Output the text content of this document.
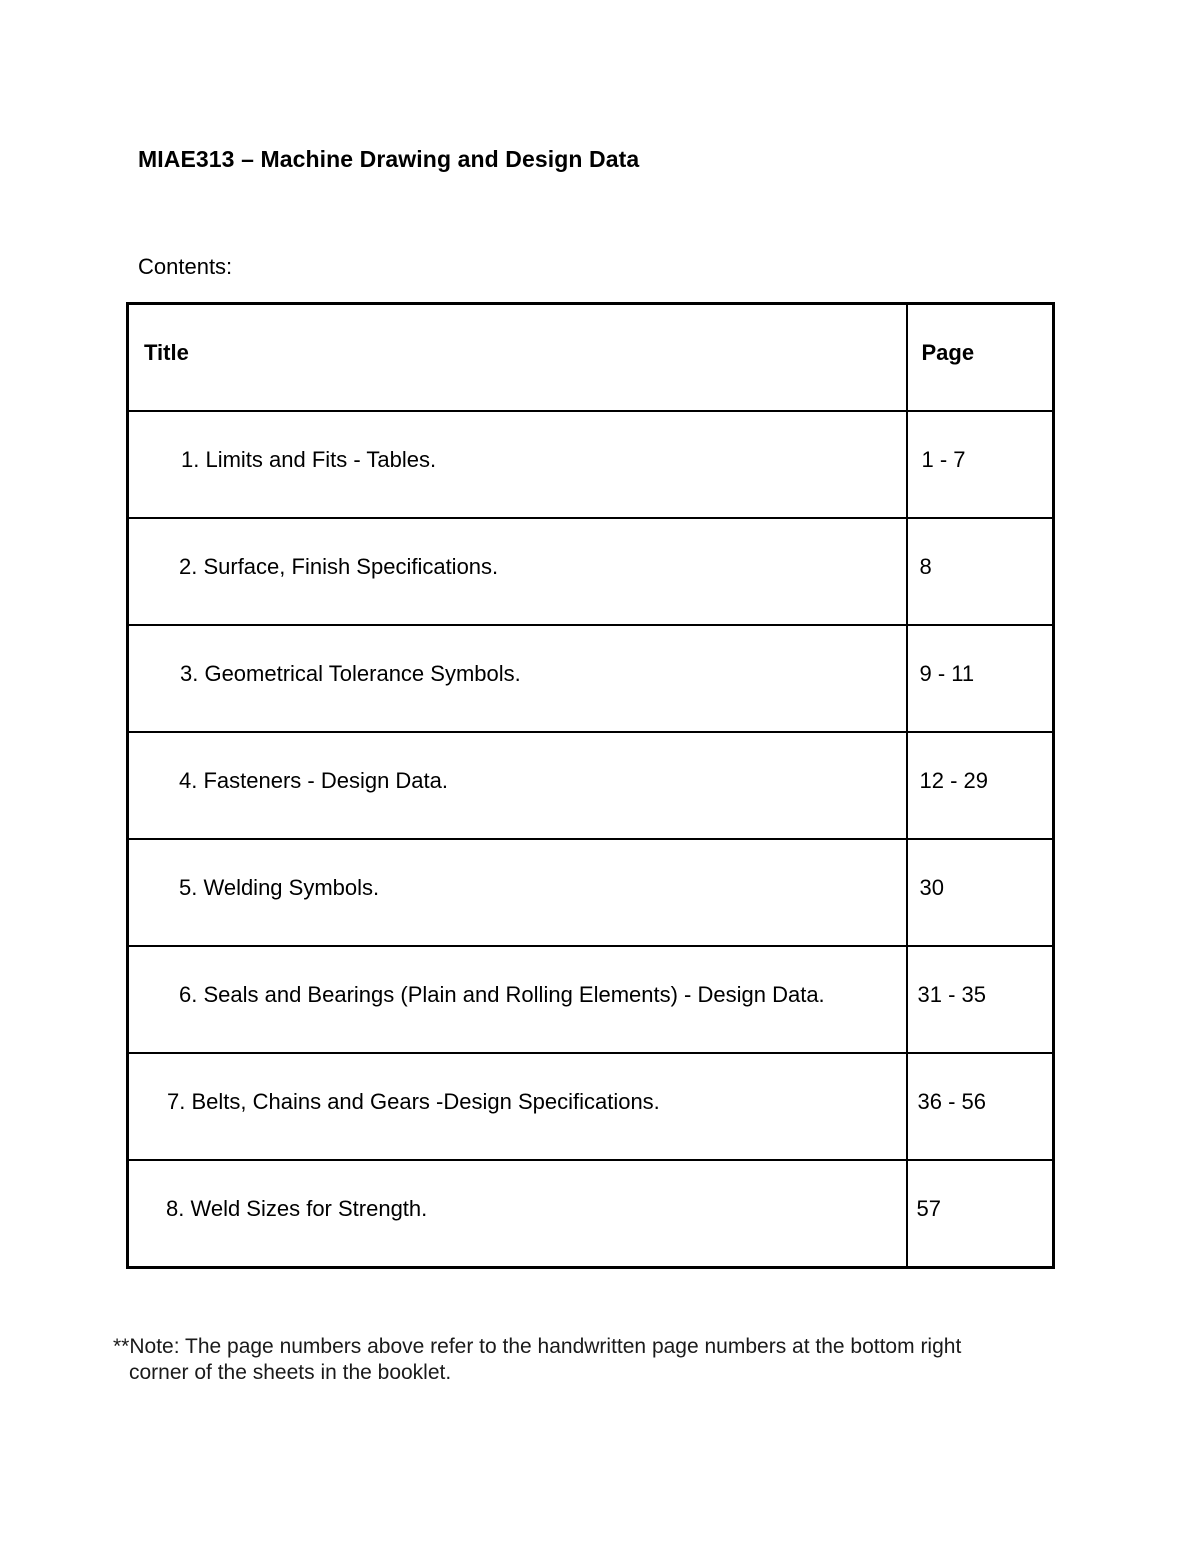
MIAE313 – Machine Drawing and Design Data
Contents:
Title	Page

1. Limits and Fits - Tables.	1 - 7

2. Surface, Finish Specifications.	8

3. Geometrical Tolerance Symbols.	9 - 11

4. Fasteners - Design Data.	12 - 29

5. Welding Symbols.	30

6. Seals and Bearings (Plain and Rolling Elements) - Design Data.	31 - 35

7. Belts, Chains and Gears -Design Specifications.	36 - 56

8. Weld Sizes for Strength.	57
**Note: The page numbers above refer to the handwritten page numbers at the bottom right
corner of the sheets in the booklet.
